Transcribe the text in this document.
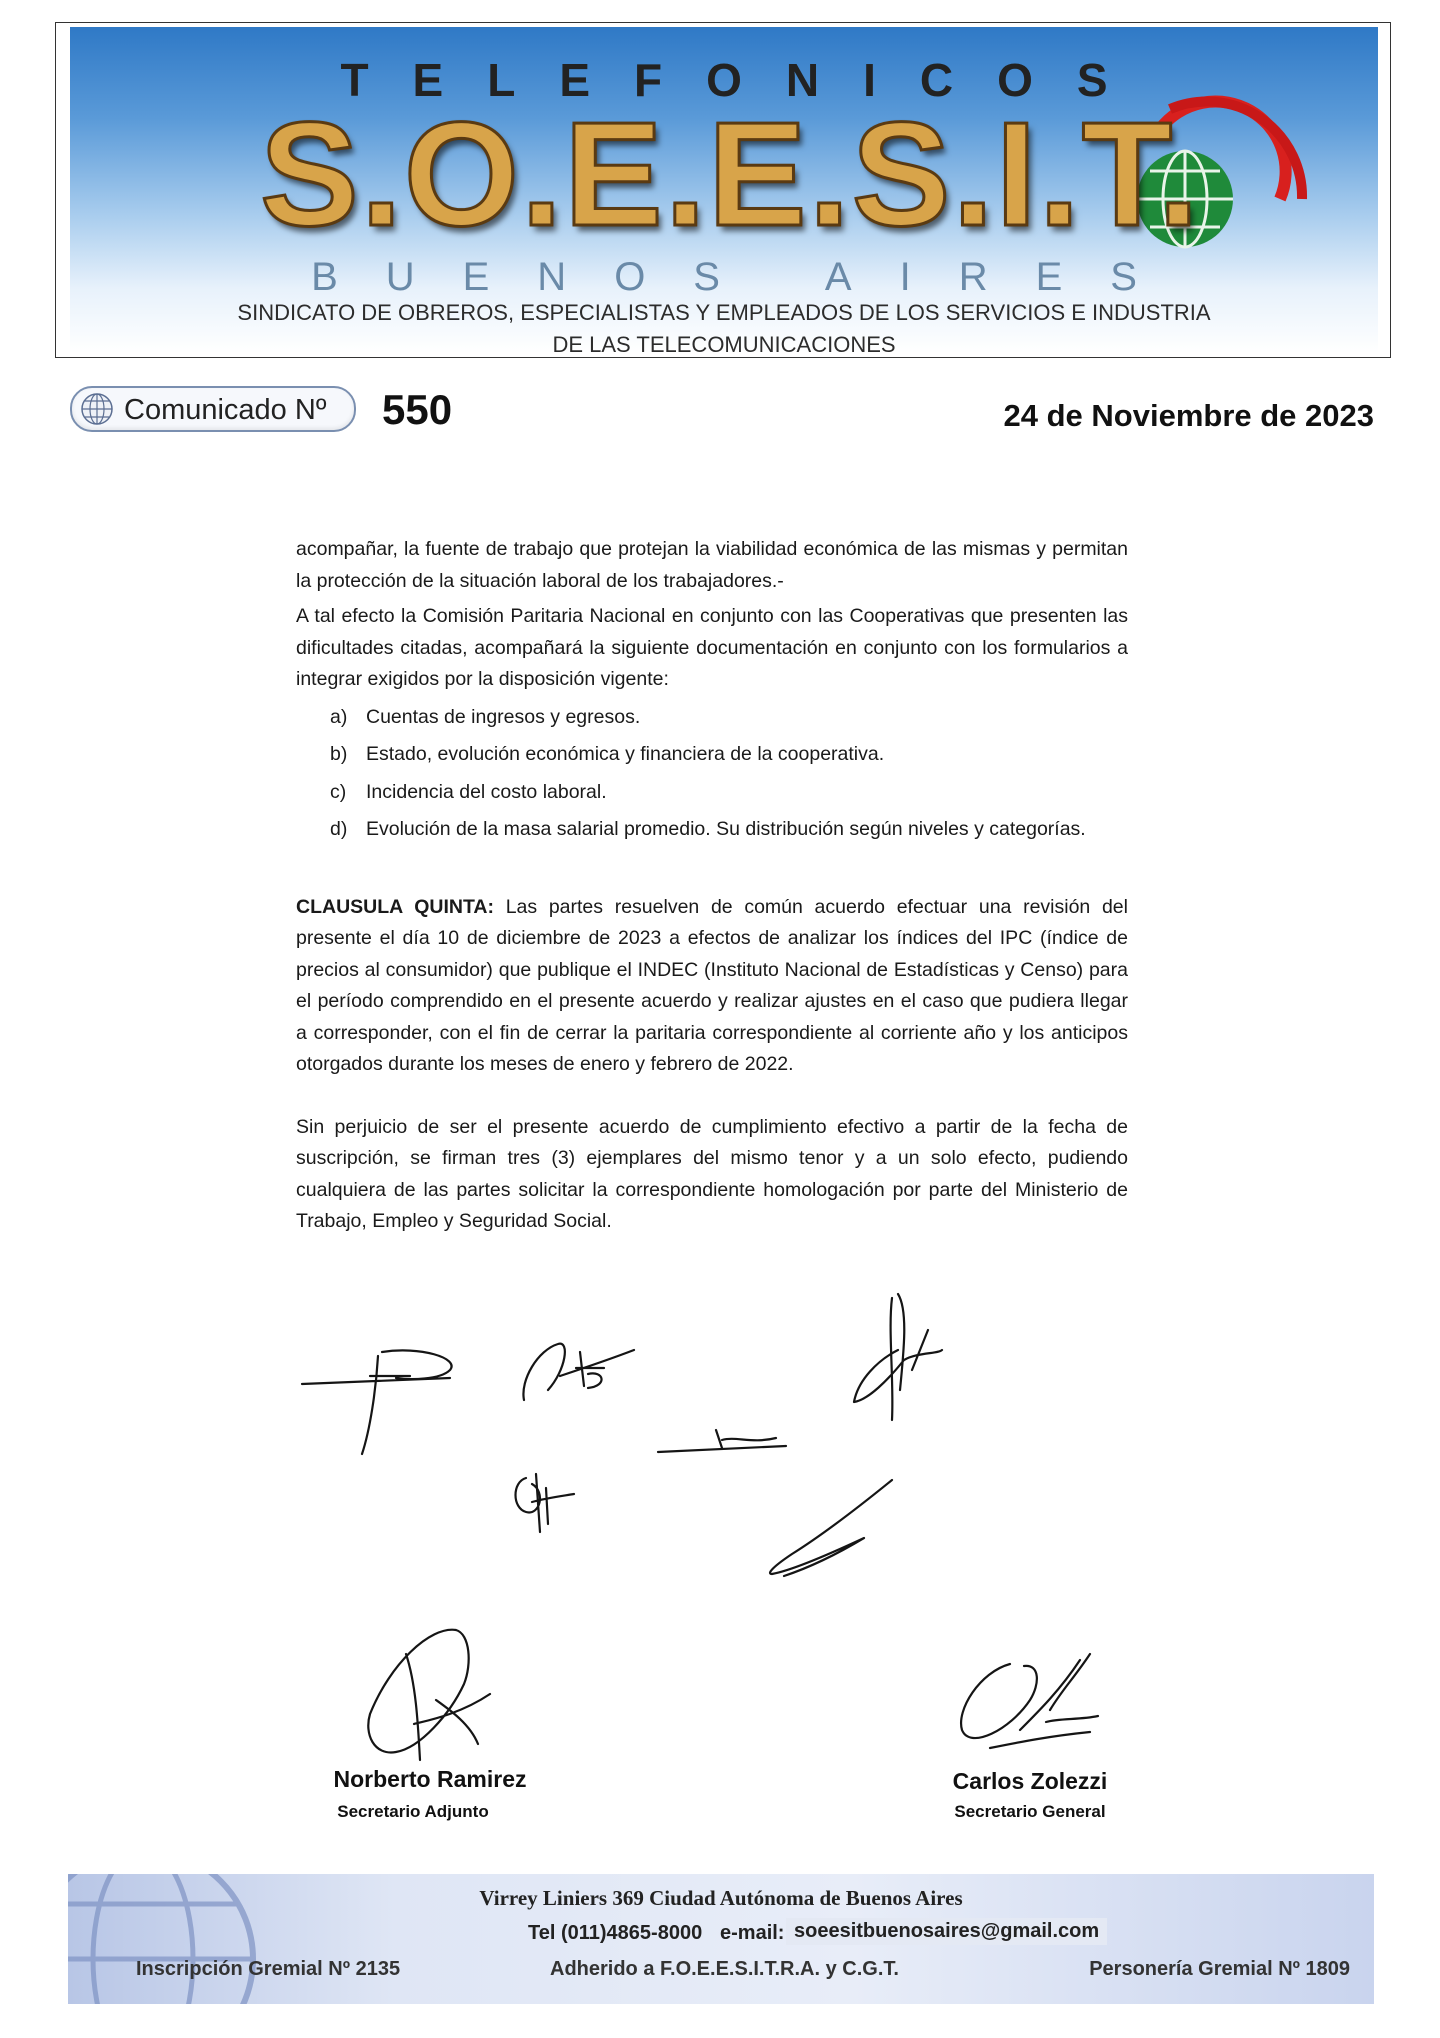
TELEFONICOS
S.O.E.E.S.I.T.
BUENOS AIRES
SINDICATO DE OBREROS, ESPECIALISTAS Y EMPLEADOS DE LOS SERVICIOS E INDUSTRIA
DE LAS TELECOMUNICACIONES
Comunicado Nº 550	24 de Noviembre de 2023

acompañar, la fuente de trabajo que protejan la viabilidad económica de las mismas y permitan la protección de la situación laboral de los trabajadores.-

A tal efecto la Comisión Paritaria Nacional en conjunto con las Cooperativas que presenten las dificultades citadas, acompañará la siguiente documentación en conjunto con los formularios a integrar exigidos por la disposición vigente:

a) Cuentas de ingresos y egresos.
b) Estado, evolución económica y financiera de la cooperativa.
c)	Incidencia del costo laboral.
d) Evolución de la masa salarial promedio. Su distribución según niveles y categorías.

CLAUSULA QUINTA: Las partes resuelven de común acuerdo efectuar una revisión del presente el día 10 de diciembre de 2023 a efectos de analizar los índices del IPC (índice de precios al consumidor) que publique el INDEC (Instituto Nacional de Estadísticas y Censo) para el período comprendido en el presente acuerdo y realizar ajustes en el caso que pudiera llegar a corresponder, con el fin de cerrar la paritaria correspondiente al corriente año y los anticipos otorgados durante los meses de enero y febrero de 2022.

Sin perjuicio de ser el presente acuerdo de cumplimiento efectivo a partir de la fecha de suscripción, se firman tres (3) ejemplares del mismo tenor y a un solo efecto, pudiendo cualquiera de las partes solicitar la correspondiente homologación por parte del Ministerio de Trabajo, Empleo y Seguridad Social.

Norberto Ramirez
Secretario Adjunto
Carlos Zolezzi
Secretario General
Virrey Liniers 369 Ciudad Autónoma de Buenos Aires
Tel (011)4865-8000 e-mail: soeesitbuenosaires@gmail.com
Inscripción Gremial Nº 2135	Adherido a F.O.E.E.S.I.T.R.A. y C.G.T.	Personería Gremial Nº 1809
